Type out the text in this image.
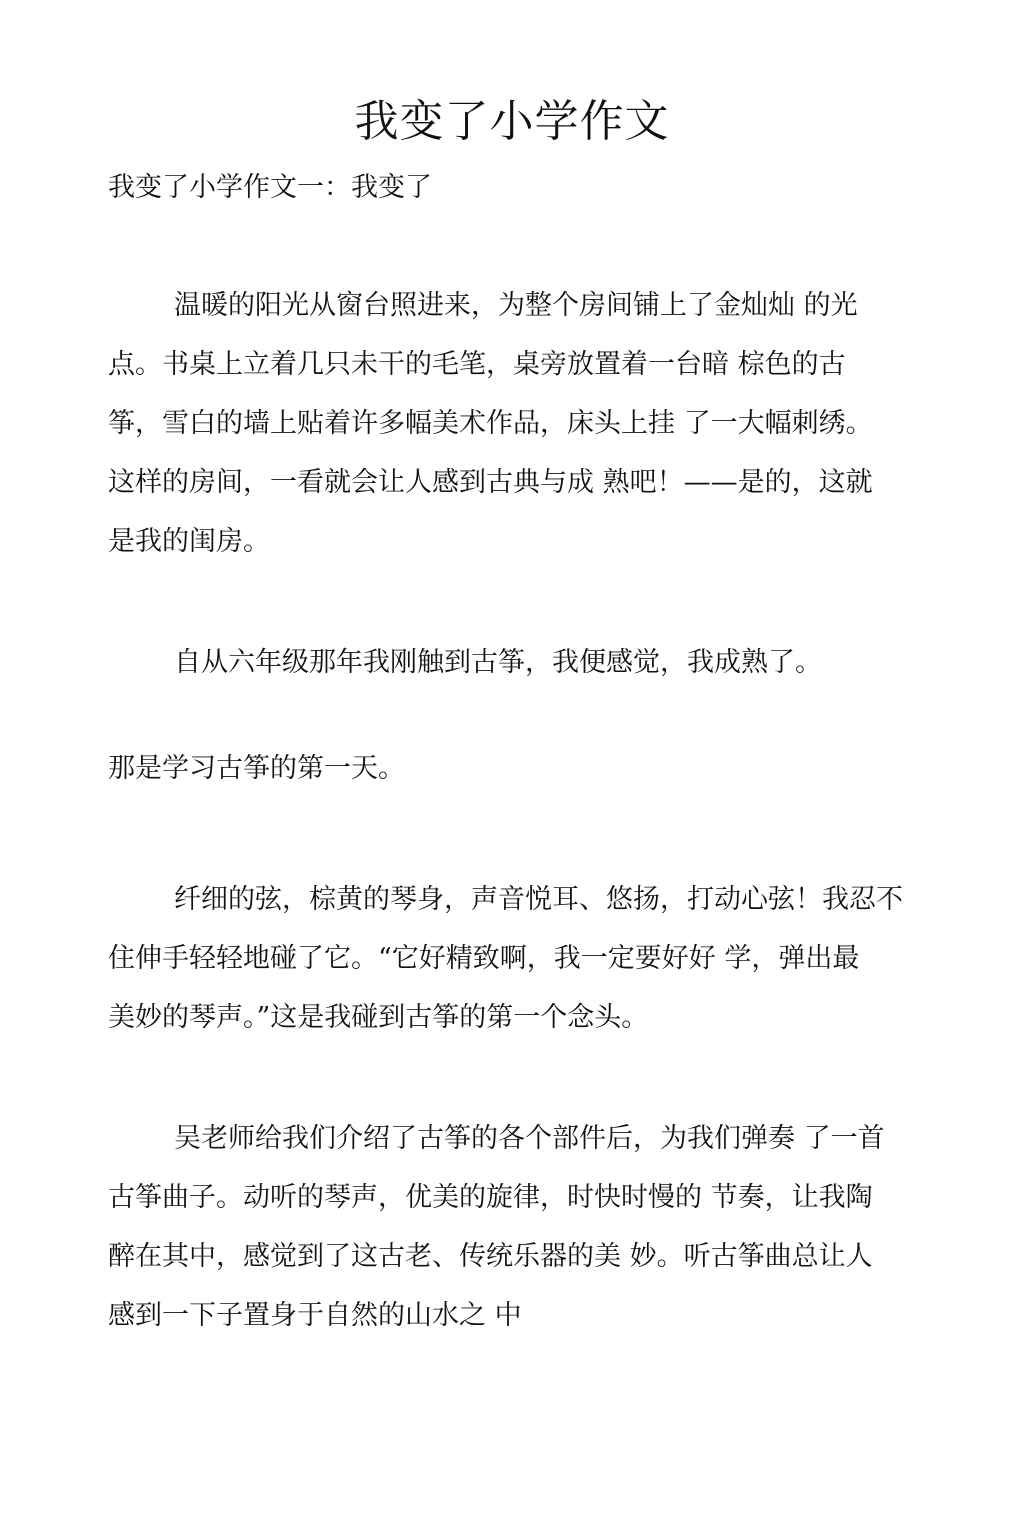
我变了小学作文

我变了小学作文一：我变了

温暖的阳光从窗台照进来，为整个房间铺上了金灿灿 的光
点。书桌上立着几只未干的毛笔，桌旁放置着一台暗 棕色的古
筝，雪白的墙上贴着许多幅美术作品，床头上挂 了一大幅刺绣。
这样的房间，一看就会让人感到古典与成 熟吧！——是的，这就
是我的闺房。
自从六年级那年我刚触到古筝，我便感觉，我成熟了。
那是学习古筝的第一天。
纤细的弦，棕黄的琴身，声音悦耳、悠扬，打动心弦！我忍不
住伸手轻轻地碰了它。“它好精致啊，我一定要好好 学，弹出最
美妙的琴声。”这是我碰到古筝的第一个念头。
吴老师给我们介绍了古筝的各个部件后，为我们弹奏 了一首
古筝曲子。动听的琴声，优美的旋律，时快时慢的 节奏，让我陶
醉在其中，感觉到了这古老、传统乐器的美 妙。听古筝曲总让人
感到一下子置身于自然的山水之 中
